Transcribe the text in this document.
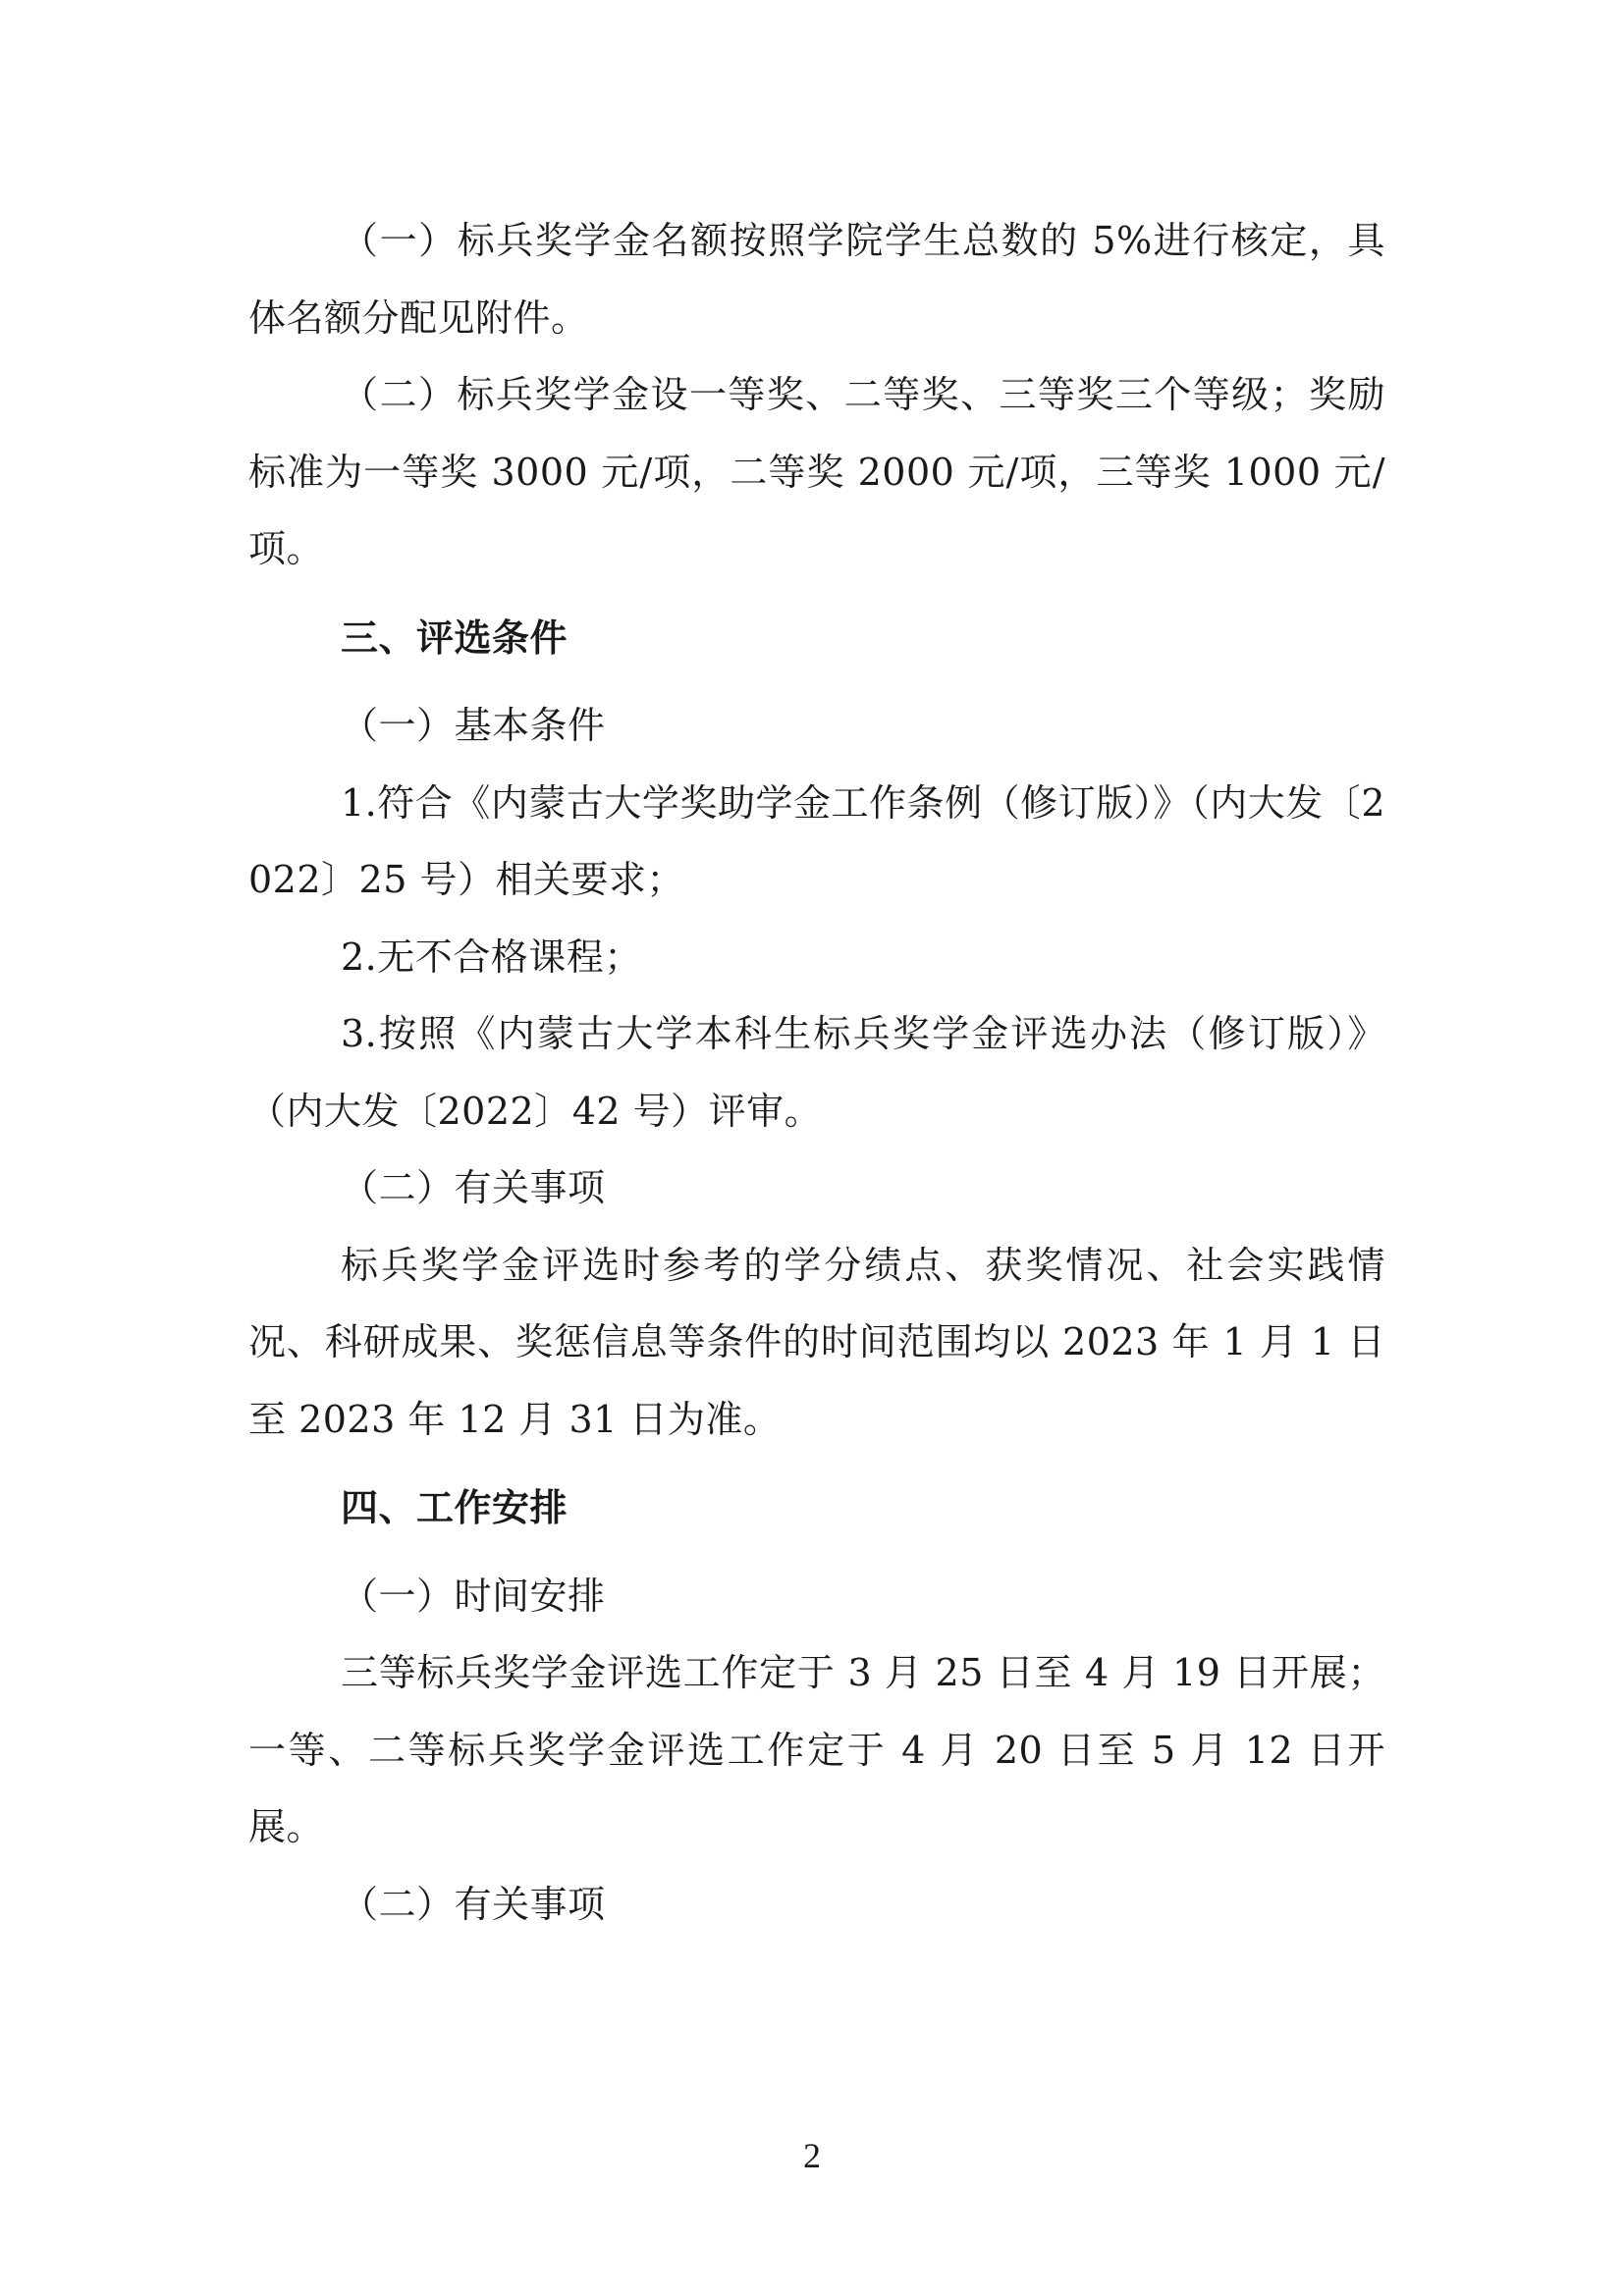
（一）标兵奖学金名额按照学院学生总数的 5%进行核定，具体名额分配见附件。

（二）标兵奖学金设一等奖、二等奖、三等奖三个等级；奖励标准为一等奖 3000 元/项，二等奖 2000 元/项，三等奖 1000 元/项。

三、评选条件

（一）基本条件

1.符合《内蒙古大学奖助学金工作条例（修订版）》（内大发〔2022〕25 号）相关要求；

2.无不合格课程；

3.按照《内蒙古大学本科生标兵奖学金评选办法（修订版）》（内大发〔2022〕42 号）评审。

（二）有关事项

标兵奖学金评选时参考的学分绩点、获奖情况、社会实践情况、科研成果、奖惩信息等条件的时间范围均以 2023 年 1 月 1 日至 2023 年 12 月 31 日为准。

四、工作安排

（一）时间安排

三等标兵奖学金评选工作定于 3 月 25 日至 4 月 19 日开展；一等、二等标兵奖学金评选工作定于 4 月 20 日至 5 月 12 日开展。

（二）有关事项

2
